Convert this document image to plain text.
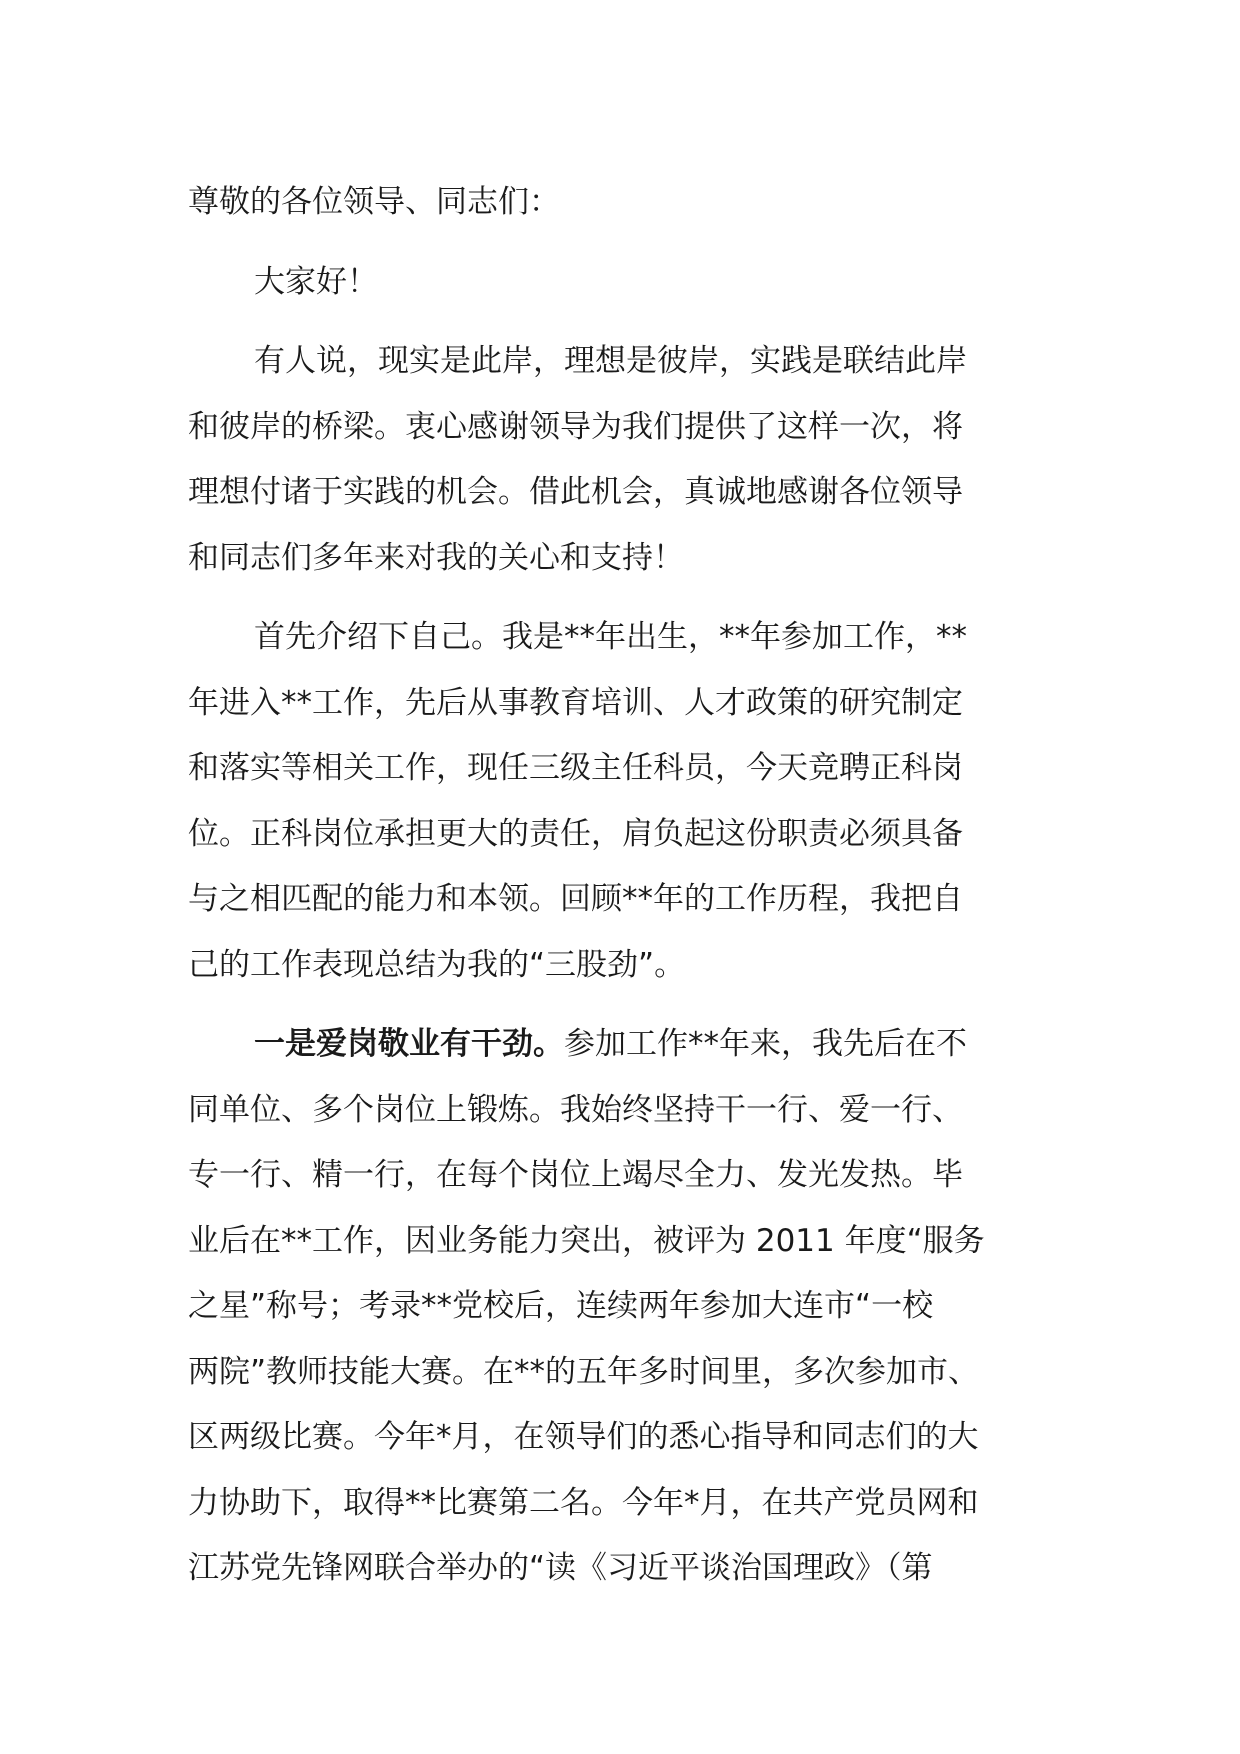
尊敬的各位领导、同志们：

大家好！

有人说，现实是此岸，理想是彼岸，实践是联结此岸
和彼岸的桥梁。衷心感谢领导为我们提供了这样一次，将
理想付诸于实践的机会。借此机会，真诚地感谢各位领导
和同志们多年来对我的关心和支持！

首先介绍下自己。我是**年出生，**年参加工作，**
年进入**工作，先后从事教育培训、人才政策的研究制定
和落实等相关工作，现任三级主任科员，今天竞聘正科岗
位。正科岗位承担更大的责任，肩负起这份职责必须具备
与之相匹配的能力和本领。回顾**年的工作历程，我把自
己的工作表现总结为我的“三股劲”。

一是爱岗敬业有干劲。参加工作**年来，我先后在不
同单位、多个岗位上锻炼。我始终坚持干一行、爱一行、
专一行、精一行，在每个岗位上竭尽全力、发光发热。毕
业后在**工作，因业务能力突出，被评为 2011 年度“服务
之星”称号；考录**党校后，连续两年参加大连市“一校
两院”教师技能大赛。在**的五年多时间里，多次参加市、
区两级比赛。今年*月，在领导们的悉心指导和同志们的大
力协助下，取得**比赛第二名。今年*月，在共产党员网和
江苏党先锋网联合举办的“读《习近平谈治国理政》（第
